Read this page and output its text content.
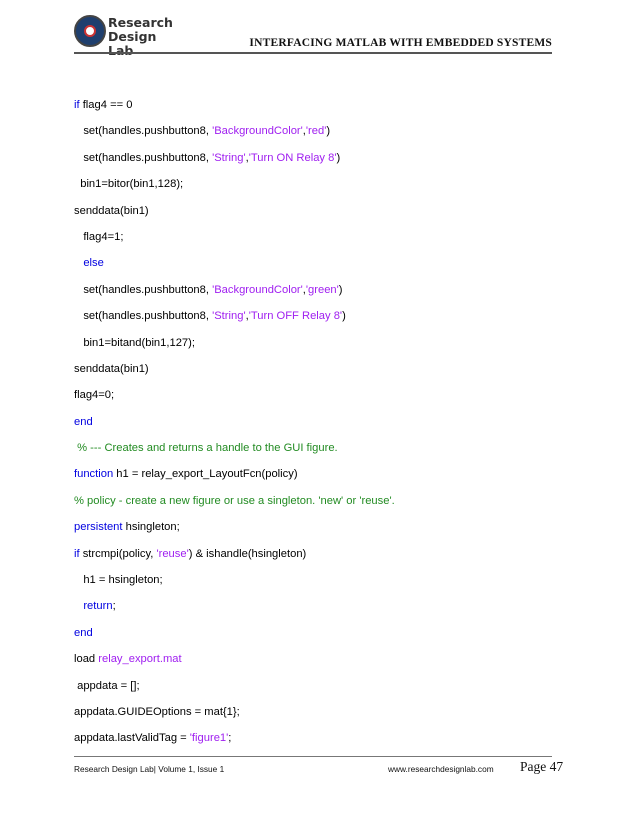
Research
Design Lab	INTERFACING MATLAB WITH EMBEDDED SYSTEMS
if flag4 == 0
set(handles.pushbutton8, 'BackgroundColor','red')
set(handles.pushbutton8, 'String','Turn ON Relay 8')
bin1=bitor(bin1,128);
senddata(bin1)
flag4=1;
else
set(handles.pushbutton8, 'BackgroundColor','green')
set(handles.pushbutton8, 'String','Turn OFF Relay 8')
bin1=bitand(bin1,127);
senddata(bin1)
flag4=0;
end
% --- Creates and returns a handle to the GUI figure.
function h1 = relay_export_LayoutFcn(policy)
% policy - create a new figure or use a singleton. 'new' or 'reuse'.
persistent hsingleton;
if strcmpi(policy, 'reuse') & ishandle(hsingleton)
h1 = hsingleton;
return;
end
load relay_export.mat
appdata = [];
appdata.GUIDEOptions = mat{1};
appdata.lastValidTag = 'figure1';
Research Design Lab| Volume 1, Issue 1	www.researchdesignlab.com Page 47
